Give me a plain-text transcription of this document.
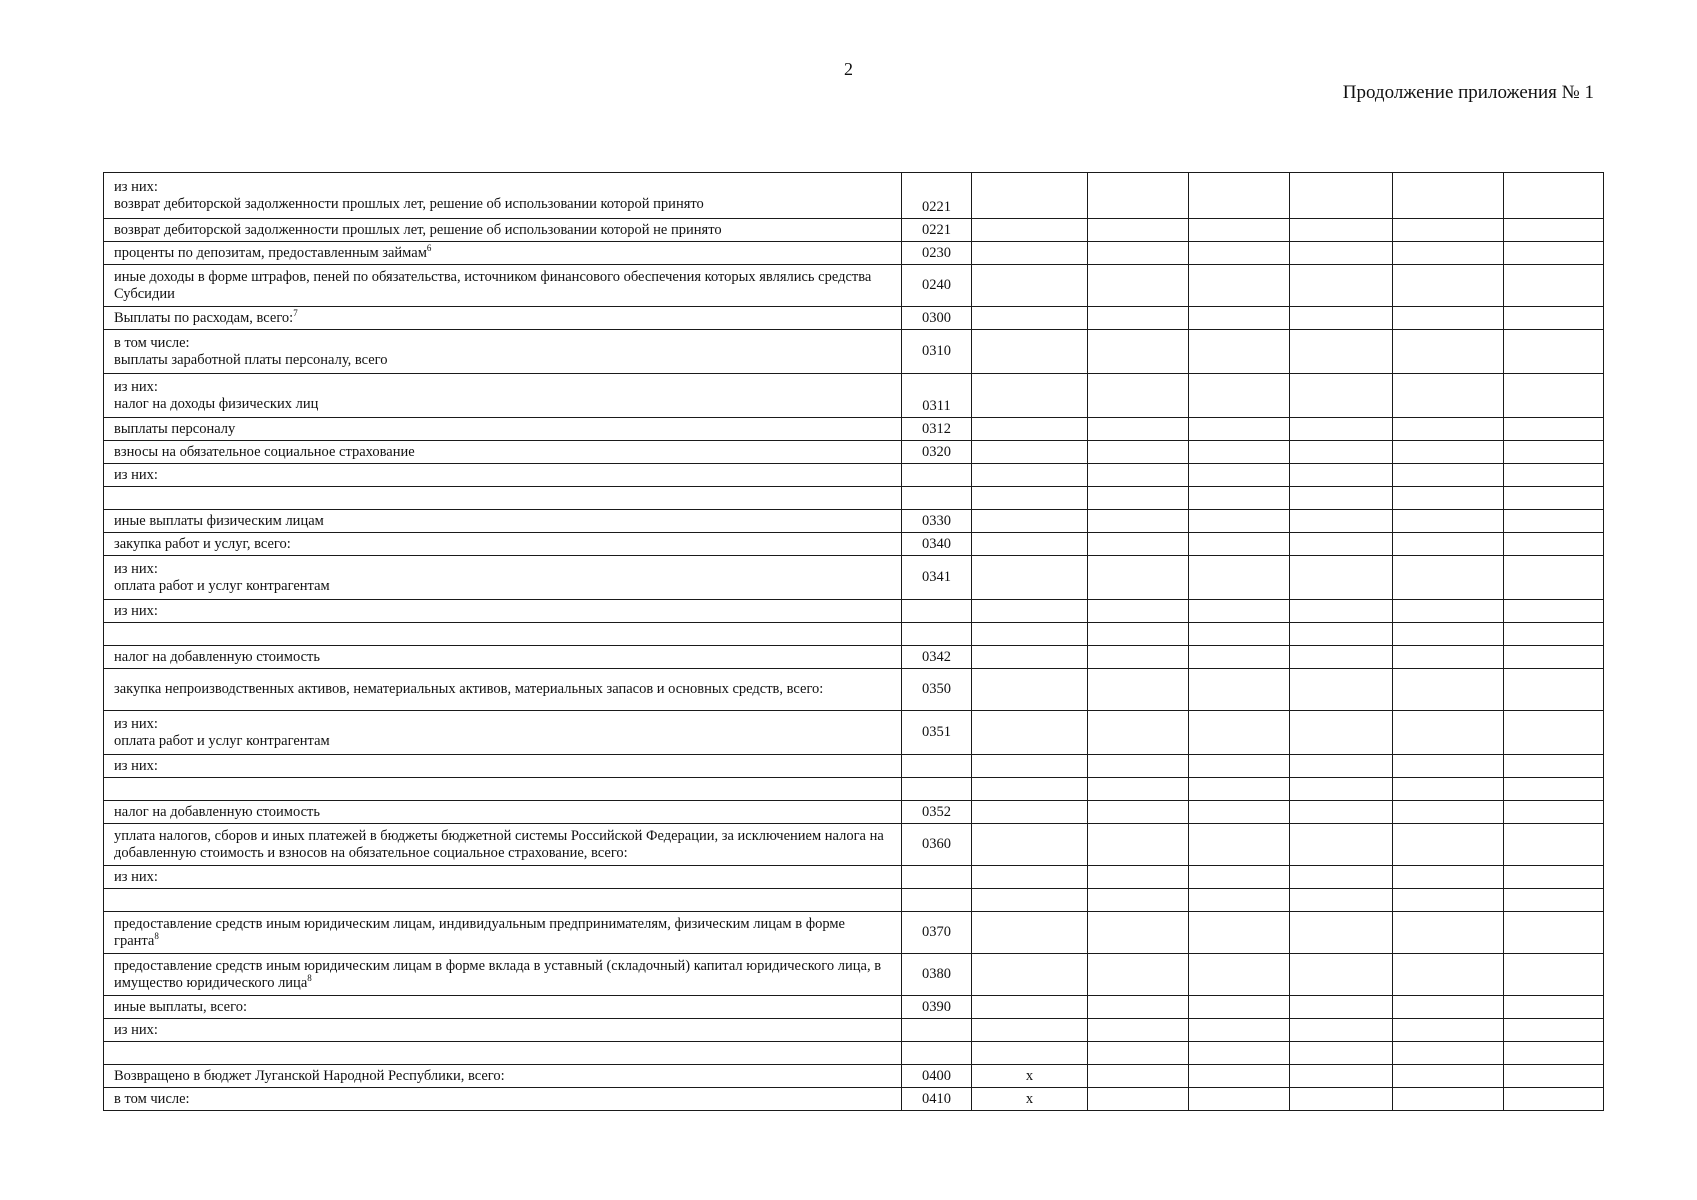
2
Продолжение приложения № 1
из них:
возврат дебиторской задолженности прошлых лет, решение об использовании которой принято	0221						
возврат дебиторской задолженности прошлых лет, решение об использовании которой не принято	0221						
проценты по депозитам, предоставленным займам$^6$	0230						
иные доходы в форме штрафов, пеней по обязательства, источником финансового обеспечения которых являлись средства Субсидии	0240						
Выплаты по расходам, всего:$^7$	0300						
в том числе:
выплаты заработной платы персоналу, всего	0310						
из них:
налог на доходы физических лиц	0311						
выплаты персоналу	0312						
взносы на обязательное социальное страхование	0320						
из них:							

иные выплаты физическим лицам	0330						
закупка работ и услуг, всего:	0340						
из них:
оплата работ и услуг контрагентам	0341						
из них:							

налог на добавленную стоимость	0342						
закупка непроизводственных активов, нематериальных активов, материальных запасов и основных средств, всего:	0350						
из них:
оплата работ и услуг контрагентам	0351						
из них:							

налог на добавленную стоимость	0352						
уплата налогов, сборов и иных платежей в бюджеты бюджетной системы Российской Федерации, за исключением налога на добавленную стоимость и взносов на обязательное социальное страхование, всего:	0360						
из них:							

предоставление средств иным юридическим лицам, индивидуальным предпринимателям, физическим лицам в форме гранта$^8$	0370						
предоставление средств иным юридическим лицам в форме вклада в уставный (складочный) капитал юридического лица, в имущество юридического лица$^8$	0380						
иные выплаты, всего:	0390						
из них:							

Возвращено в бюджет Луганской Народной Республики, всего:	0400	x					
в том числе:	0410	x					
